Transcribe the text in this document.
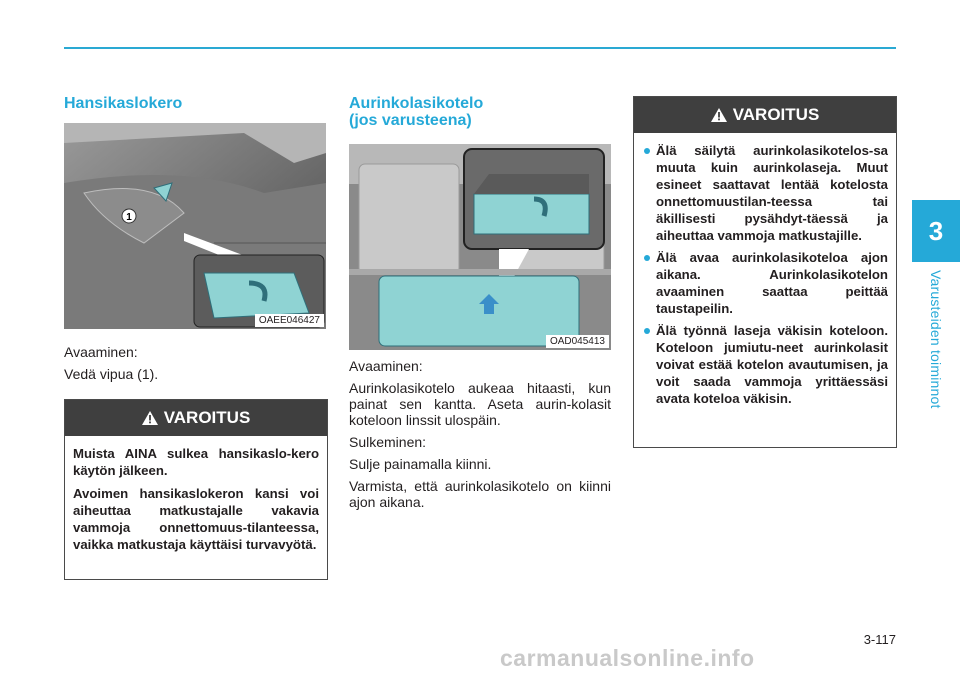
3
Varusteiden toiminnot
Hansikaslokero
1
OAEE046427

Avaaminen:

Vedä vipua (1).

VAROITUS

Muista AINA sulkea hansikaslo-kero käytön jälkeen.

Avoimen hansikaslokeron kansi voi aiheuttaa matkustajalle vakavia vammoja onnettomuus-tilanteessa, vaikka matkustaja käyttäisi turvavyötä.

Aurinkolasikotelo
(jos varusteena)
OAD045413

Avaaminen:

Aurinkolasikotelo aukeaa hitaasti, kun painat sen kantta. Aseta aurin-kolasit koteloon linssit ulospäin.

Sulkeminen:

Sulje painamalla kiinni.

Varmista, että aurinkolasikotelo on kiinni ajon aikana.

VAROITUS
Älä säilytä aurinkolasikotelos-sa muuta kuin aurinkolaseja. Muut esineet saattavat lentää kotelosta onnettomuustilan-teessa tai äkillisesti pysähdyt-täessä ja aiheuttaa vammoja matkustajille.
Älä avaa aurinkolasikoteloa ajon aikana. Aurinkolasikotelon avaaminen saattaa peittää taustapeilin.
Älä työnnä laseja väkisin koteloon. Koteloon jumiutu-neet aurinkolasit voivat estää kotelon avautumisen, ja voit saada vammoja yrittäessäsi avata koteloa väkisin.
3-117
carmanualsonline.info
